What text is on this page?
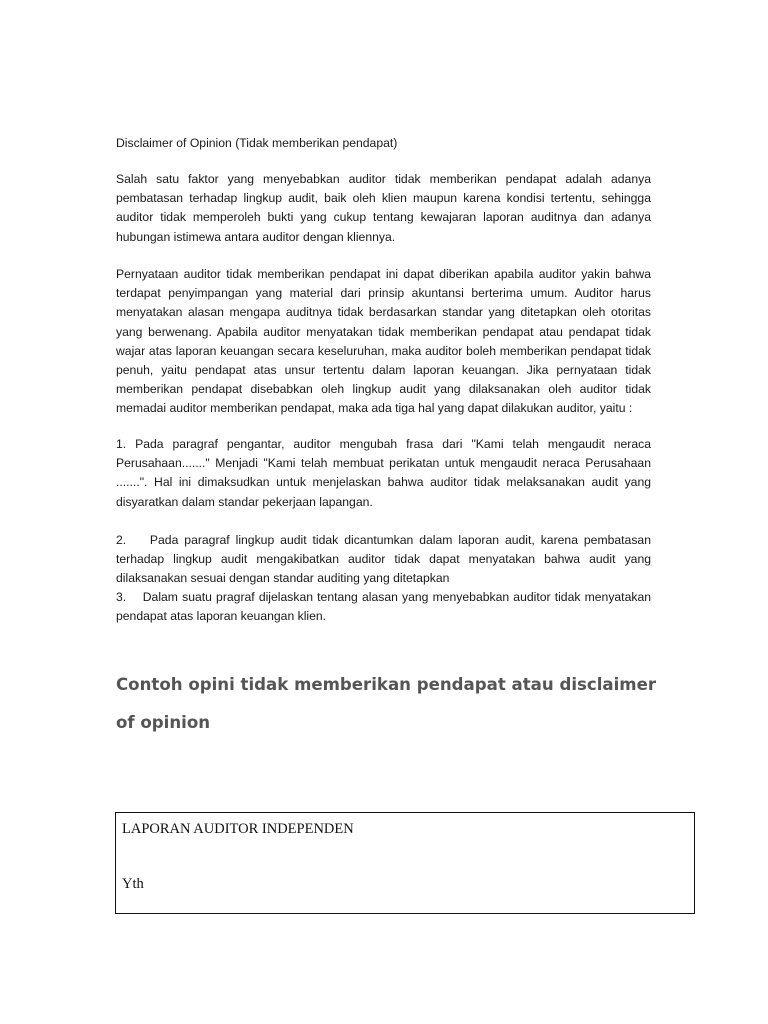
Disclaimer of Opinion (Tidak memberikan pendapat)

Salah satu faktor yang menyebabkan auditor tidak memberikan pendapat adalah adanya pembatasan terhadap lingkup audit, baik oleh klien maupun karena kondisi tertentu, sehingga auditor tidak memperoleh bukti yang cukup tentang kewajaran laporan auditnya dan adanya hubungan istimewa antara auditor dengan kliennya.

Pernyataan auditor tidak memberikan pendapat ini dapat diberikan apabila auditor yakin bahwa terdapat penyimpangan yang material dari prinsip akuntansi berterima umum. Auditor harus menyatakan alasan mengapa auditnya tidak berdasarkan standar yang ditetapkan oleh otoritas yang berwenang. Apabila auditor menyatakan tidak memberikan pendapat atau pendapat tidak wajar atas laporan keuangan secara keseluruhan, maka auditor boleh memberikan pendapat tidak penuh, yaitu pendapat atas unsur tertentu dalam laporan keuangan. Jika pernyataan tidak memberikan pendapat disebabkan oleh lingkup audit yang dilaksanakan oleh auditor tidak memadai auditor memberikan pendapat, maka ada tiga hal yang dapat dilakukan auditor, yaitu :

1. Pada paragraf pengantar, auditor mengubah frasa dari "Kami telah mengaudit neraca Perusahaan......." Menjadi "Kami telah membuat perikatan untuk mengaudit neraca Perusahaan .......". Hal ini dimaksudkan untuk menjelaskan bahwa auditor tidak melaksanakan audit yang disyaratkan dalam standar pekerjaan lapangan.

2.    Pada paragraf lingkup audit tidak dicantumkan dalam laporan audit, karena pembatasan terhadap lingkup audit mengakibatkan auditor tidak dapat menyatakan bahwa audit yang dilaksanakan sesuai dengan standar auditing yang ditetapkan

3.    Dalam suatu pragraf dijelaskan tentang alasan yang menyebabkan auditor tidak menyatakan pendapat atas laporan keuangan klien.

Contoh opini tidak memberikan pendapat atau disclaimer of opinion
LAPORAN AUDITOR INDEPENDEN
Yth
